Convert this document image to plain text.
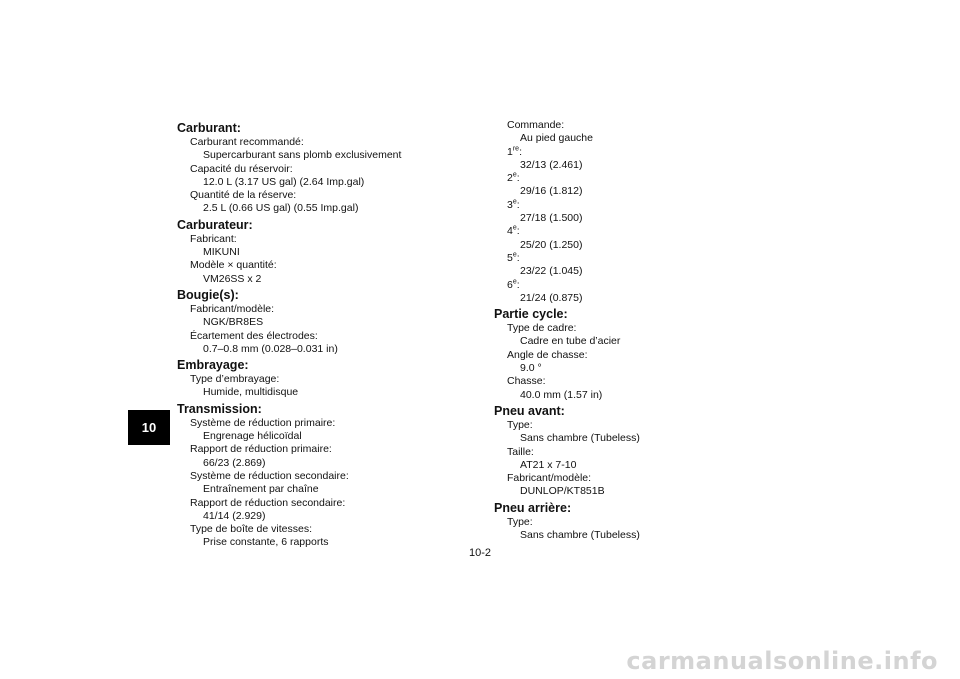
10
Carburant:
Carburant recommandé:
Supercarburant sans plomb exclusivement
Capacité du réservoir:
12.0 L (3.17 US gal) (2.64 Imp.gal)
Quantité de la réserve:
2.5 L (0.66 US gal) (0.55 Imp.gal)
Carburateur:
Fabricant:
MIKUNI
Modèle × quantité:
VM26SS x 2
Bougie(s):
Fabricant/modèle:
NGK/BR8ES
Écartement des électrodes:
0.7–0.8 mm (0.028–0.031 in)
Embrayage:
Type d’embrayage:
Humide, multidisque
Transmission:
Système de réduction primaire:
Engrenage hélicoïdal
Rapport de réduction primaire:
66/23 (2.869)
Système de réduction secondaire:
Entraînement par chaîne
Rapport de réduction secondaire:
41/14 (2.929)
Type de boîte de vitesses:
Prise constante, 6 rapports
Commande:
Au pied gauche
1re:
32/13 (2.461)
2e:
29/16 (1.812)
3e:
27/18 (1.500)
4e:
25/20 (1.250)
5e:
23/22 (1.045)
6e:
21/24 (0.875)
Partie cycle:
Type de cadre:
Cadre en tube d’acier
Angle de chasse:
9.0 °
Chasse:
40.0 mm (1.57 in)
Pneu avant:
Type:
Sans chambre (Tubeless)
Taille:
AT21 x 7-10
Fabricant/modèle:
DUNLOP/KT851B
Pneu arrière:
Type:
Sans chambre (Tubeless)
10-2
carmanualsonline.info
